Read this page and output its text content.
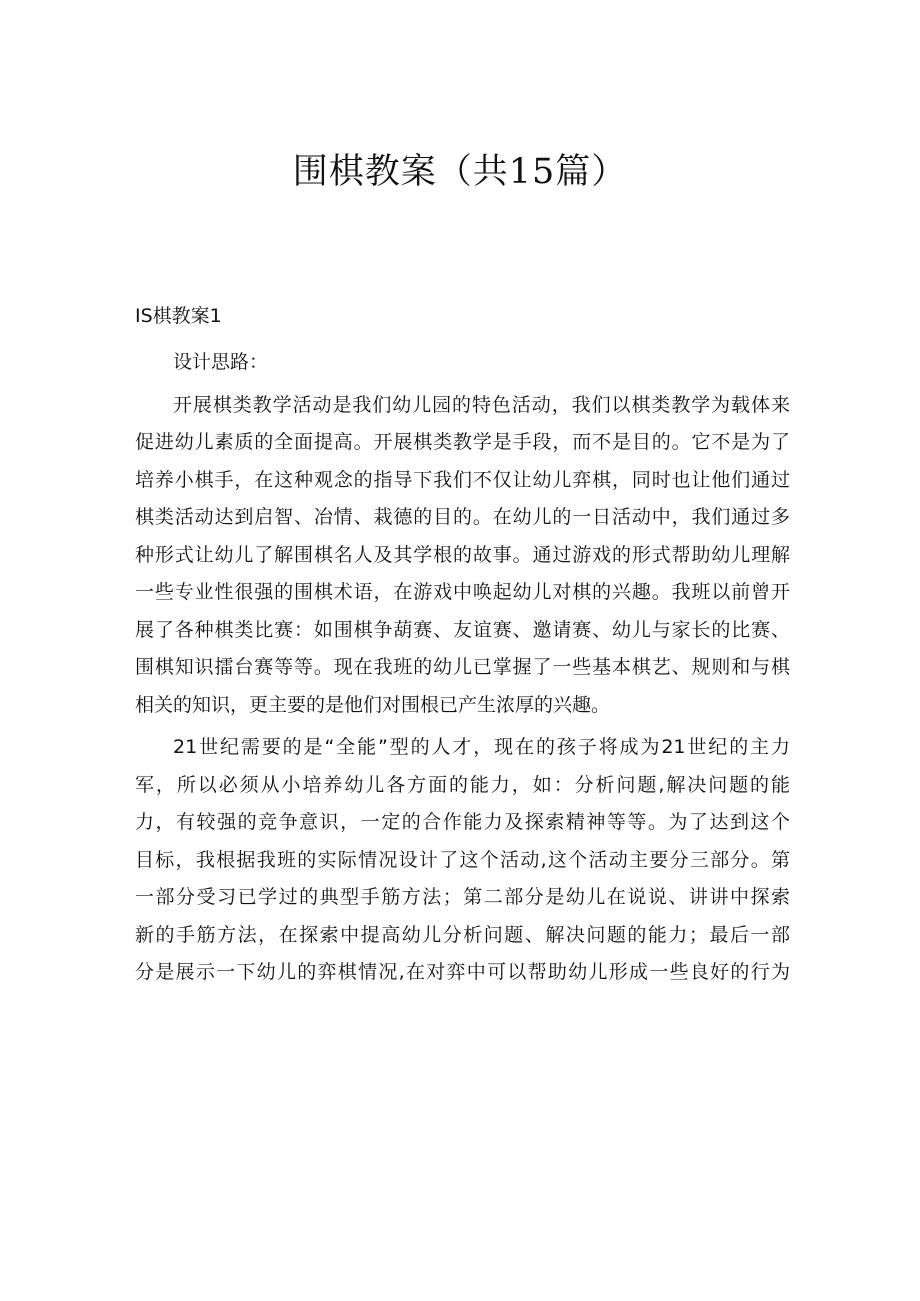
围棋教案（共15篇）
IS棋教案1

设计思路：

开展棋类教学活动是我们幼儿园的特色活动，我们以棋类教学为载体来
促进幼儿素质的全面提高。开展棋类教学是手段，而不是目的。它不是为了
培养小棋手，在这种观念的指导下我们不仅让幼儿弈棋，同时也让他们通过
棋类活动达到启智、冶情、栽德的目的。在幼儿的一日活动中，我们通过多
种形式让幼儿了解围棋名人及其学根的故事。通过游戏的形式帮助幼儿理解
一些专业性很强的围棋术语，在游戏中唤起幼儿对棋的兴趣。我班以前曾开
展了各种棋类比赛：如围棋争葫赛、友谊赛、邀请赛、幼儿与家长的比赛、
围棋知识擂台赛等等。现在我班的幼儿已掌握了一些基本棋艺、规则和与棋
相关的知识，更主要的是他们对围根已产生浓厚的兴趣。

21世纪需要的是“全能”型的人才，现在的孩子将成为21世纪的主力
军，所以必须从小培养幼儿各方面的能力，如：分析问题,解决问题的能
力，有较强的竞争意识，一定的合作能力及探索精神等等。为了达到这个
目标，我根据我班的实际情况设计了这个活动,这个活动主要分三部分。第
一部分受习已学过的典型手筋方法；第二部分是幼儿在说说、讲讲中探索
新的手筋方法，在探索中提高幼儿分析问题、解决问题的能力；最后一部
分是展示一下幼儿的弈棋情况,在对弈中可以帮助幼儿形成一些良好的行为
